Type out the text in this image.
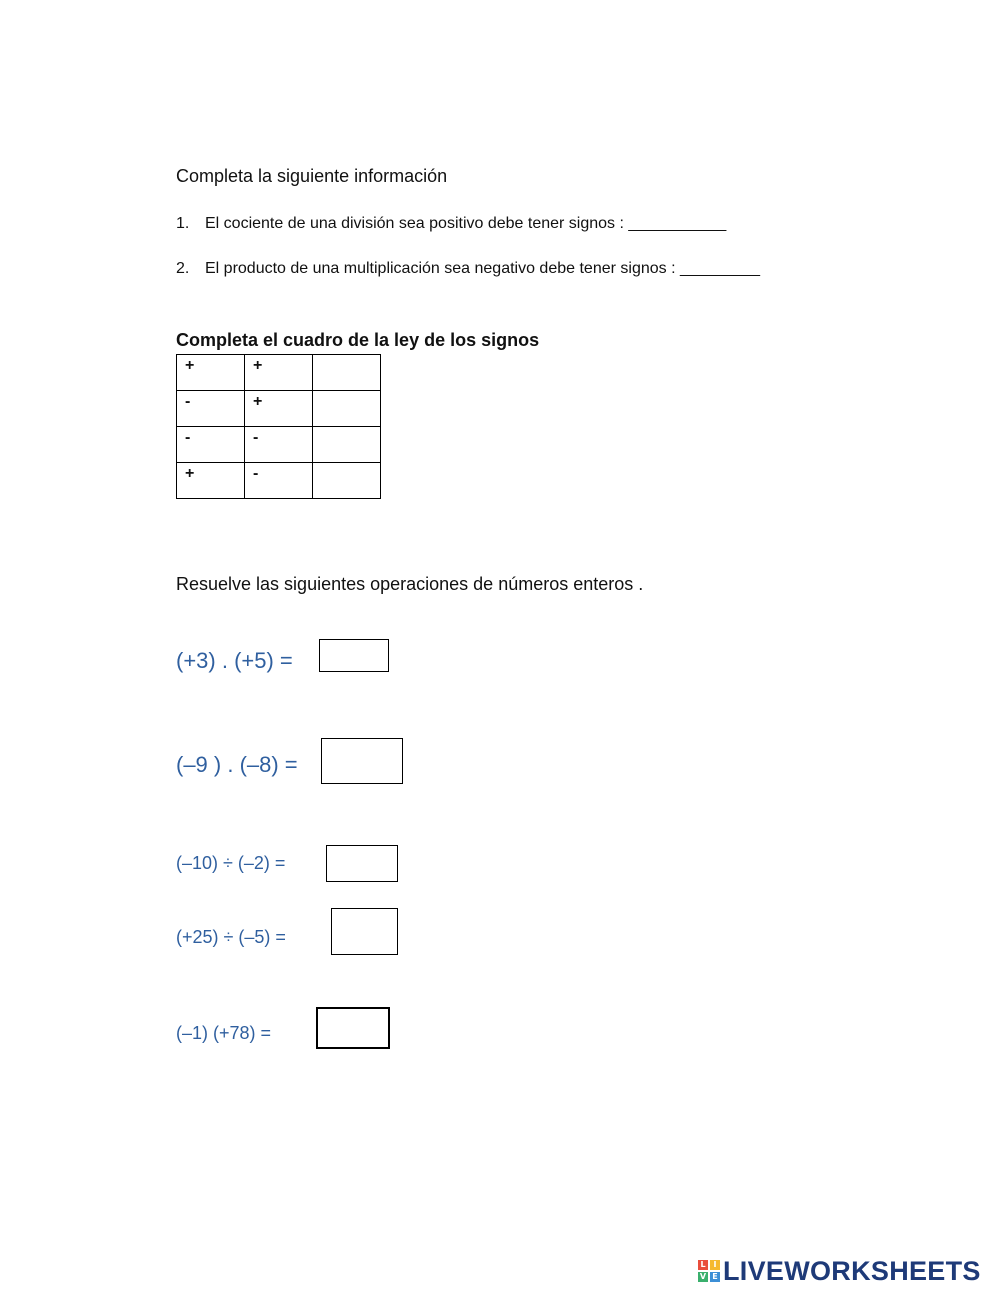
Completa la siguiente información
1. El cociente de una división sea positivo debe tener signos : ___________
2. El producto de una multiplicación sea negativo debe tener signos : _________
Completa el cuadro de la ley de los signos
+	+	
-	+	
-	-	
+	-	
Resuelve las siguientes operaciones de números enteros .
(+3) . (+5) =
(–9 ) . (–8) =
(–10) ÷ (–2) =
(+25) ÷ (–5) =
(–1) (+78) =
L I
V E LIVEWORKSHEETS
